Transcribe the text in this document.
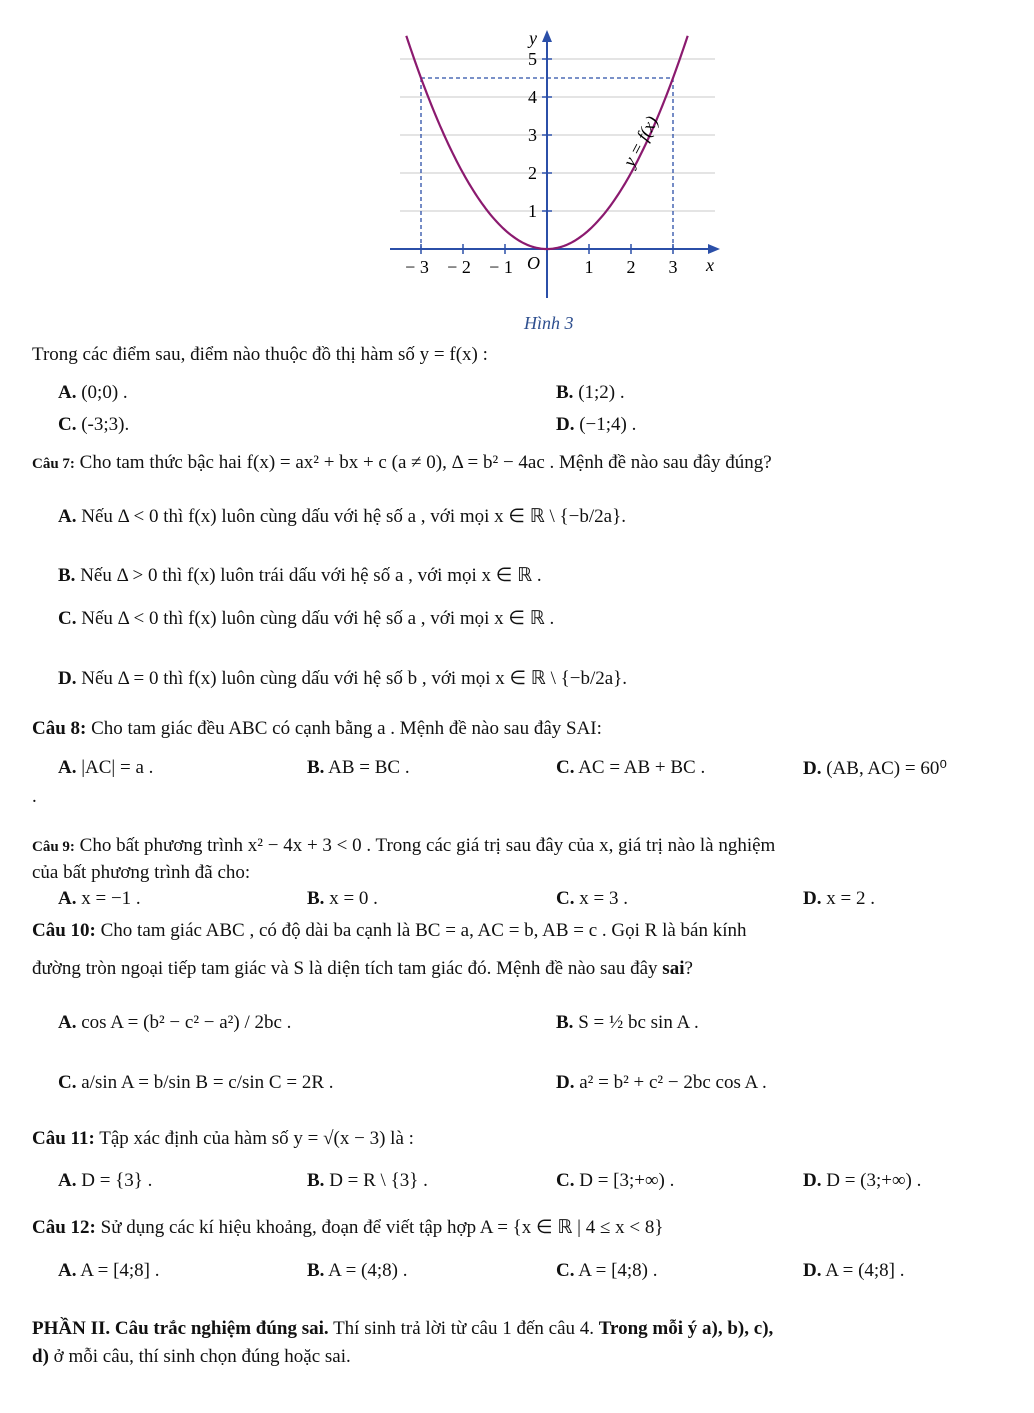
− 3 − 2 − 1	1 2 3
1
2
3
4
5
y
x
O
y = f(x)
Hình 3
Trong các điểm sau, điểm nào thuộc đồ thị hàm số y = f(x) :
A. (0;0) .	B. (1;2) .
C. (-3;3).	D. (−1;4) .
Câu 7: Cho tam thức bậc hai f(x) = ax² + bx + c (a ≠ 0), Δ = b² − 4ac . Mệnh đề nào sau đây đúng?
A. Nếu Δ < 0 thì f(x) luôn cùng dấu với hệ số a , với mọi x ∈ ℝ \ {−b/2a}.
B. Nếu Δ > 0 thì f(x) luôn trái dấu với hệ số a , với mọi x ∈ ℝ .
C. Nếu Δ < 0 thì f(x) luôn cùng dấu với hệ số a , với mọi x ∈ ℝ .
D. Nếu Δ = 0 thì f(x) luôn cùng dấu với hệ số b , với mọi x ∈ ℝ \ {−b/2a}.
Câu 8: Cho tam giác đều ABC có cạnh bằng a . Mệnh đề nào sau đây SAI:
A. |AC| = a .	B. AB = BC .	C. AC = AB + BC .	D. (AB, AC) = 60⁰
.
Câu 9: Cho bất phương trình x² − 4x + 3 < 0 . Trong các giá trị sau đây của x, giá trị nào là nghiệm
của bất phương trình đã cho:
A. x = −1 .	B. x = 0 .	C. x = 3 .	D. x = 2 .
Câu 10: Cho tam giác ABC , có độ dài ba cạnh là BC = a, AC = b, AB = c . Gọi R là bán kính
đường tròn ngoại tiếp tam giác và S là diện tích tam giác đó. Mệnh đề nào sau đây sai?
A. cos A = (b² − c² − a²) / 2bc .	B. S = ½ bc sin A .
C. a/sin A = b/sin B = c/sin C = 2R .	D. a² = b² + c² − 2bc cos A .
Câu 11: Tập xác định của hàm số y = √(x − 3) là :
A. D = {3} .	B. D = R \ {3} .	C. D = [3;+∞) .	D. D = (3;+∞) .
Câu 12: Sử dụng các kí hiệu khoảng, đoạn để viết tập hợp A = {x ∈ ℝ | 4 ≤ x < 8}
A. A = [4;8] .	B. A = (4;8) .	C. A = [4;8) .	D. A = (4;8] .
PHẦN II. Câu trắc nghiệm đúng sai. Thí sinh trả lời từ câu 1 đến câu 4. Trong mỗi ý a), b), c),
d) ở mỗi câu, thí sinh chọn đúng hoặc sai.
